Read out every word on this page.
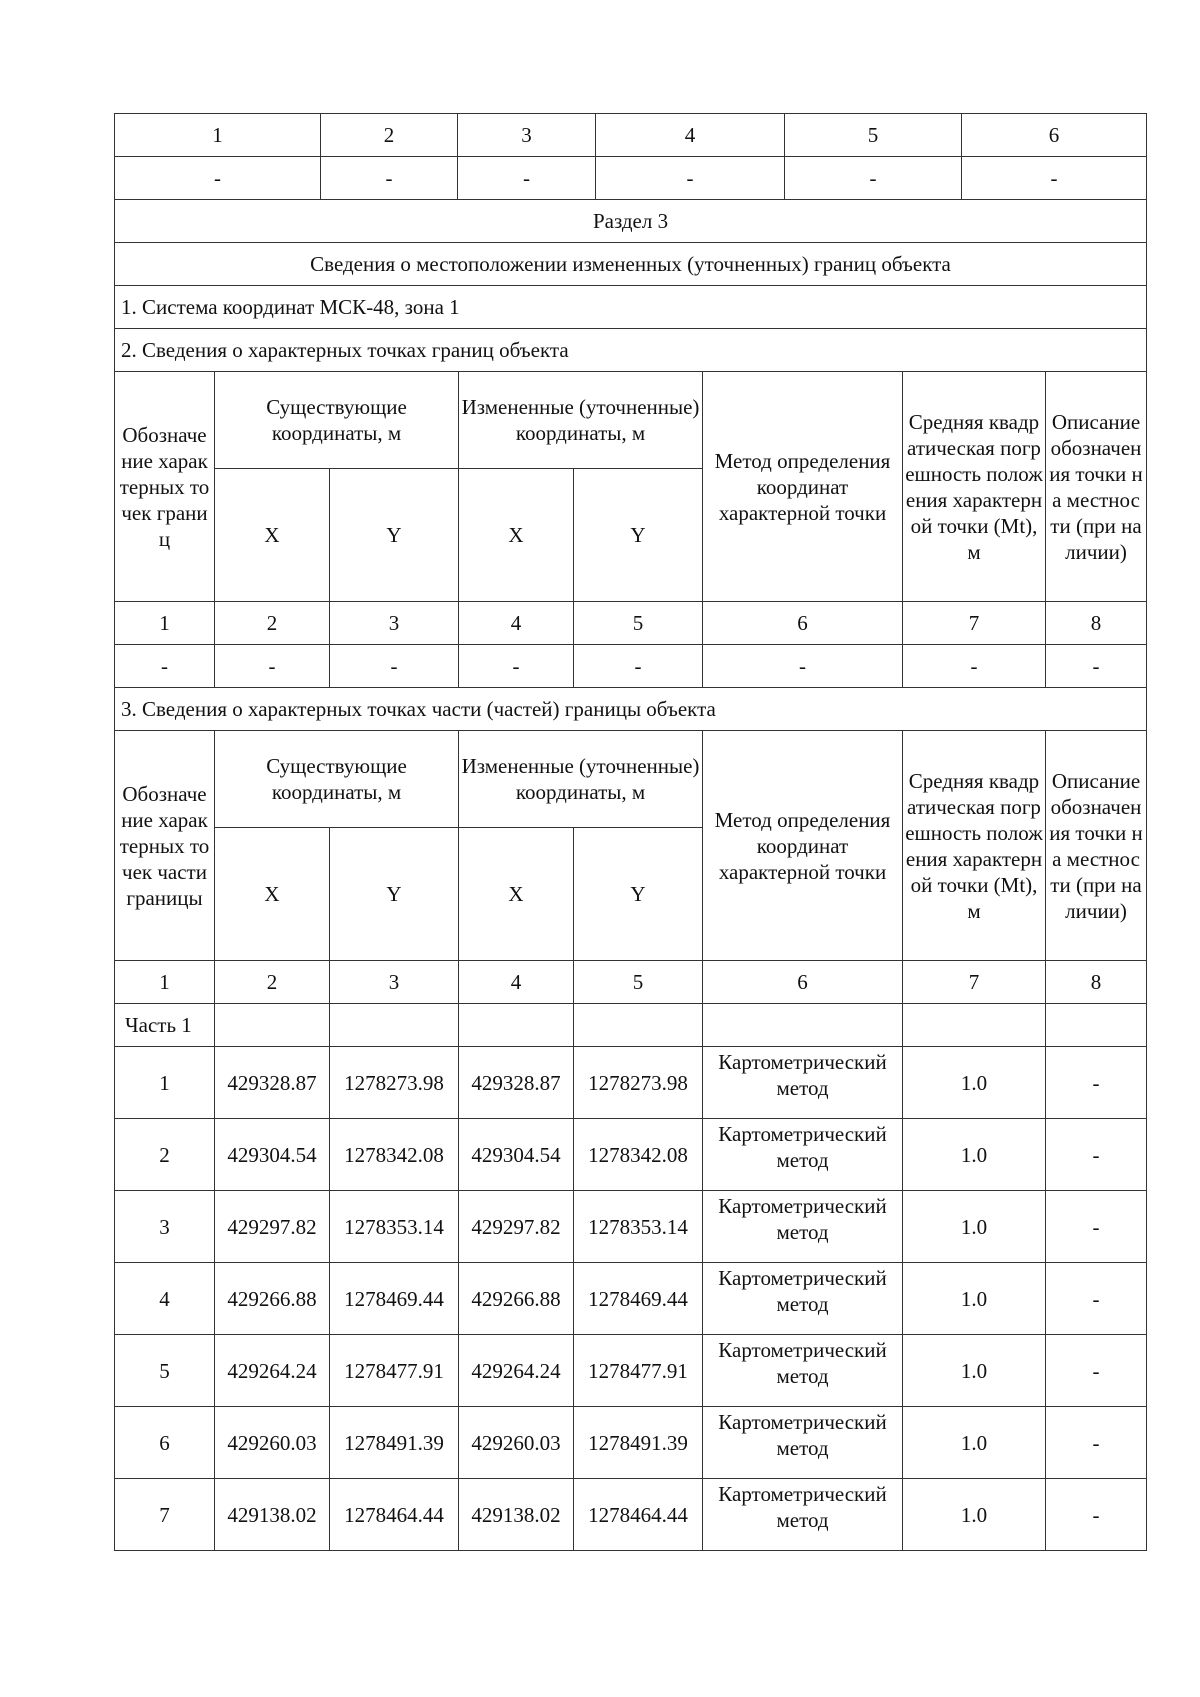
1	2	3	4	5	6
-	-	-	-	-	-
Раздел 3							
Сведения о местоположении измененных (уточненных) границ объекта							
1. Система координат МСК-48, зона 1							
2. Сведения о характерных точках границ объекта							
Обозначение характерных точек границ	Существующие координаты, м		Измененные (уточненные) координаты, м		Метод определения координат характерной точки	Средняя квадратическая погрешность положения характерной точки (Mt), м	Описание обозначения точки на местности (при наличии)
	X	Y	X	Y			
1	2	3	4	5	6	7	8
-	-	-	-	-	-	-	-
3. Сведения о характерных точках части (частей) границы объекта							
Обозначение характерных точек части границы	Существующие координаты, м		Измененные (уточненные) координаты, м		Метод определения координат характерной точки	Средняя квадратическая погрешность положения характерной точки (Mt), м	Описание обозначения точки на местности (при наличии)
	X	Y	X	Y			
1	2	3	4	5	6	7	8
Часть 1							
1	429328.87	1278273.98	429328.87	1278273.98	Картометрический метод	1.0	-
2	429304.54	1278342.08	429304.54	1278342.08	Картометрический метод	1.0	-
3	429297.82	1278353.14	429297.82	1278353.14	Картометрический метод	1.0	-
4	429266.88	1278469.44	429266.88	1278469.44	Картометрический метод	1.0	-
5	429264.24	1278477.91	429264.24	1278477.91	Картометрический метод	1.0	-
6	429260.03	1278491.39	429260.03	1278491.39	Картометрический метод	1.0	-
7	429138.02	1278464.44	429138.02	1278464.44	Картометрический метод	1.0	-
